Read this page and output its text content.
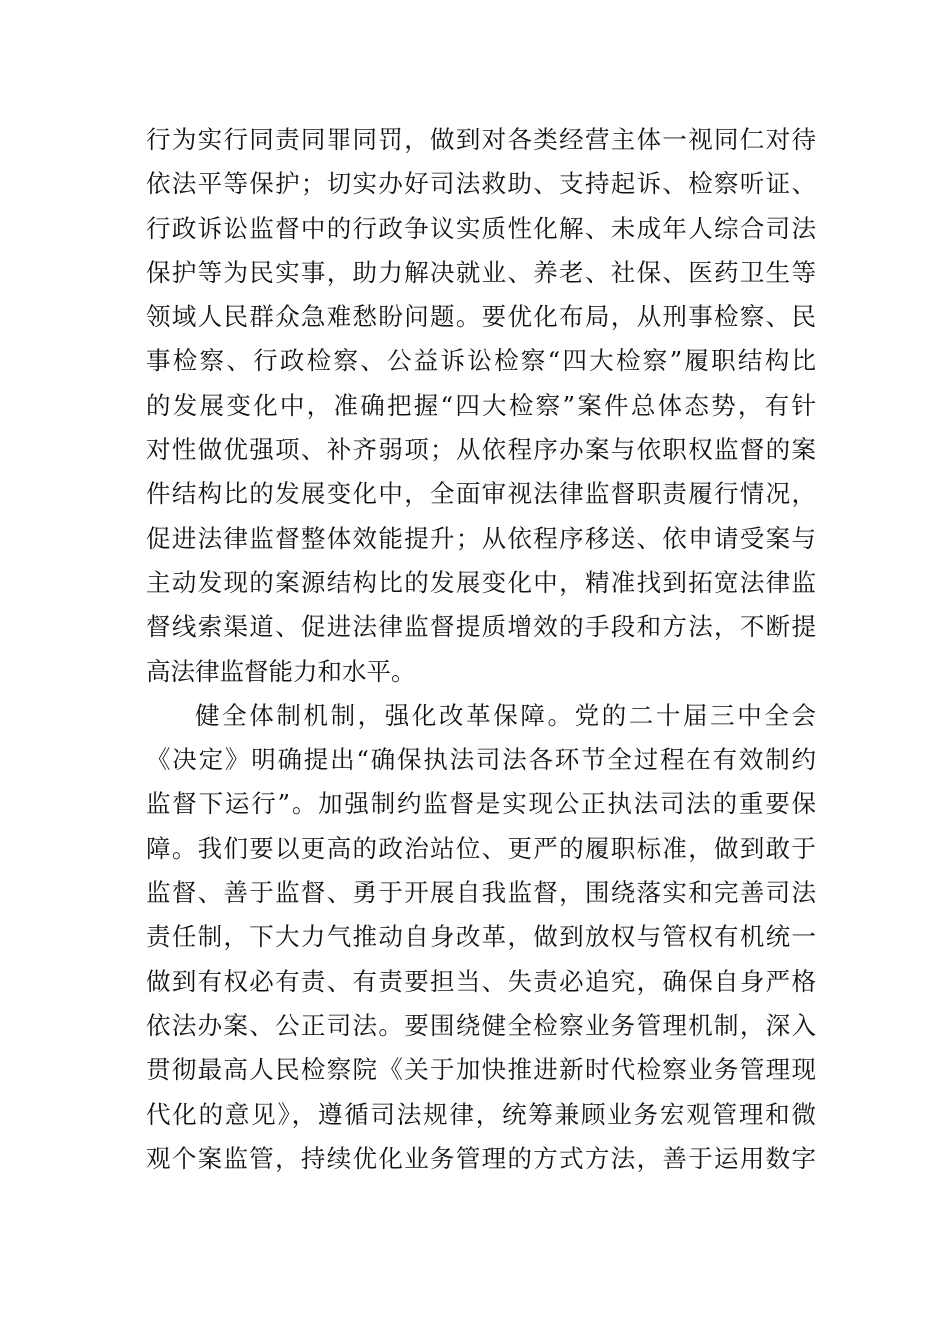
行为实行同责同罪同罚，做到对各类经营主体一视同仁对待
依法平等保护；切实办好司法救助、支持起诉、检察听证、
行政诉讼监督中的行政争议实质性化解、未成年人综合司法
保护等为民实事，助力解决就业、养老、社保、医药卫生等
领域人民群众急难愁盼问题。要优化布局，从刑事检察、民
事检察、行政检察、公益诉讼检察“四大检察”履职结构比
的发展变化中，准确把握“四大检察”案件总体态势，有针
对性做优强项、补齐弱项；从依程序办案与依职权监督的案
件结构比的发展变化中，全面审视法律监督职责履行情况，
促进法律监督整体效能提升；从依程序移送、依申请受案与
主动发现的案源结构比的发展变化中，精准找到拓宽法律监
督线索渠道、促进法律监督提质增效的手段和方法，不断提
高法律监督能力和水平。
健全体制机制，强化改革保障。党的二十届三中全会
《决定》明确提出“确保执法司法各环节全过程在有效制约
监督下运行”。加强制约监督是实现公正执法司法的重要保
障。我们要以更高的政治站位、更严的履职标准，做到敢于
监督、善于监督、勇于开展自我监督，围绕落实和完善司法
责任制，下大力气推动自身改革，做到放权与管权有机统一
做到有权必有责、有责要担当、失责必追究，确保自身严格
依法办案、公正司法。要围绕健全检察业务管理机制，深入
贯彻最高人民检察院《关于加快推进新时代检察业务管理现
代化的意见》，遵循司法规律，统筹兼顾业务宏观管理和微
观个案监管，持续优化业务管理的方式方法，善于运用数字
